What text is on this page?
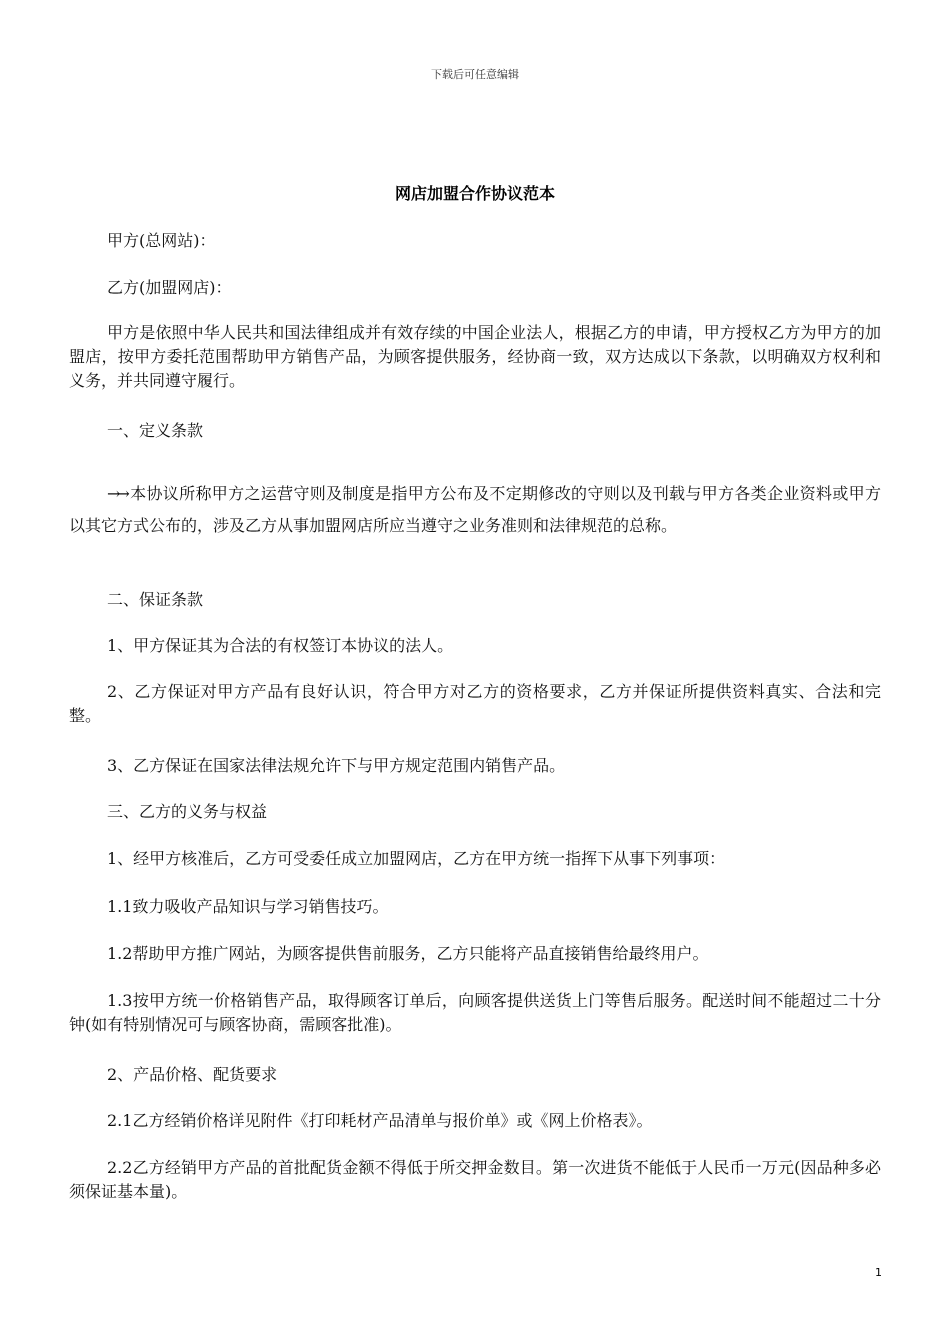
下载后可任意编辑
网店加盟合作协议范本

甲方(总网站)：

乙方(加盟网店)：

甲方是依照中华人民共和国法律组成并有效存续的中国企业法人，根据乙方的申请，甲方授权乙方为甲方的加盟店，按甲方委托范围帮助甲方销售产品，为顾客提供服务，经协商一致，双方达成以下条款，以明确双方权利和义务，并共同遵守履行。

一、定义条款

→→ 本协议所称甲方之运营守则及制度是指甲方公布及不定期修改的守则以及刊载与甲方各类企业资料或甲方以其它方式公布的，涉及乙方从事加盟网店所应当遵守之业务准则和法律规范的总称。

二、保证条款

1、甲方保证其为合法的有权签订本协议的法人。

2、乙方保证对甲方产品有良好认识，符合甲方对乙方的资格要求，乙方并保证所提供资料真实、合法和完整。

3、乙方保证在国家法律法规允许下与甲方规定范围内销售产品。

三、乙方的义务与权益

1、经甲方核准后，乙方可受委任成立加盟网店，乙方在甲方统一指挥下从事下列事项：

1.1致力吸收产品知识与学习销售技巧。

1.2帮助甲方推广网站，为顾客提供售前服务，乙方只能将产品直接销售给最终用户。

1.3按甲方统一价格销售产品，取得顾客订单后，向顾客提供送货上门等售后服务。配送时间不能超过二十分钟(如有特别情况可与顾客协商，需顾客批准)。

2、产品价格、配货要求

2.1乙方经销价格详见附件《打印耗材产品清单与报价单》或《网上价格表》。

2.2乙方经销甲方产品的首批配货金额不得低于所交押金数目。第一次进货不能低于人民币一万元(因品种多必须保证基本量)。

1
